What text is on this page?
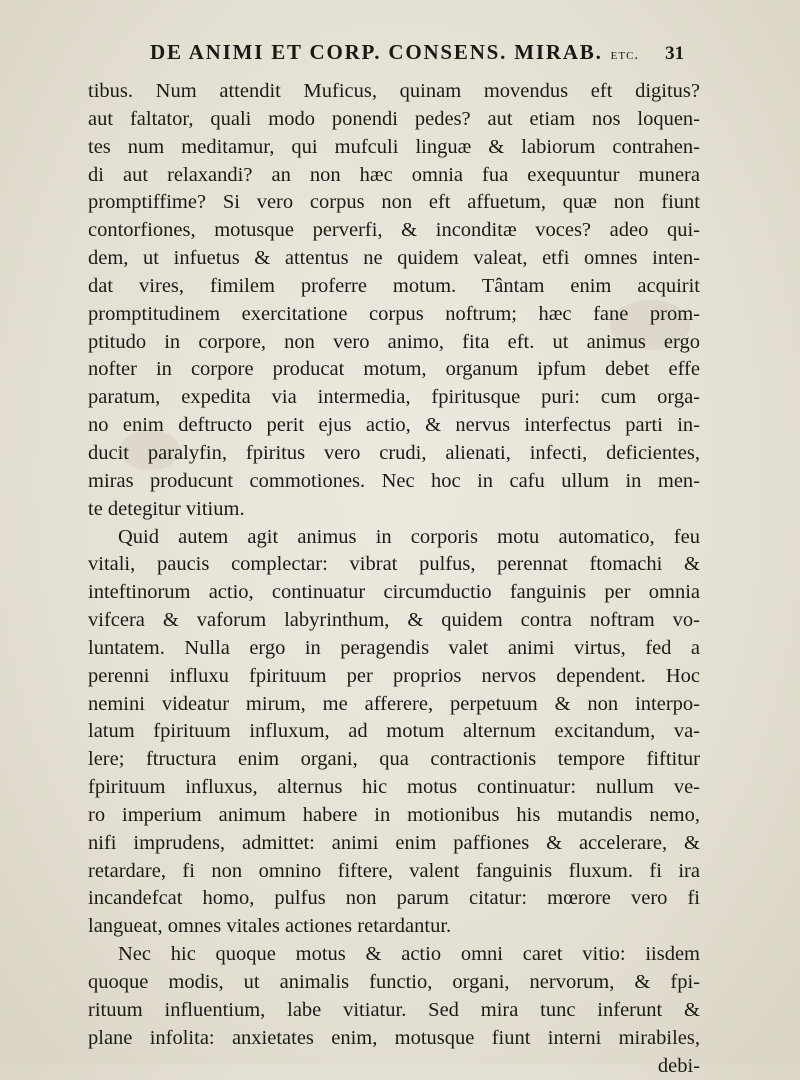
DE ANIMI ET CORP. CONSENS. MIRAB. etc. 31
tibus. Num attendit Muficus, quinam movendus eft digitus?
aut faltator, quali modo ponendi pedes? aut etiam nos loquen-
tes num meditamur, qui mufculi linguæ & labiorum contrahen-
di aut relaxandi? an non hæc omnia fua exequuntur munera
promptiffime? Si vero corpus non eft affuetum, quæ non fiunt
contorfiones, motusque perverfi, & inconditæ voces? adeo qui-
dem, ut infuetus & attentus ne quidem valeat, etfi omnes inten-
dat vires, fimilem proferre motum. Tântam enim acquirit
promptitudinem exercitatione corpus noftrum; hæc fane prom-
ptitudo in corpore, non vero animo, fita eft. ut animus ergo
nofter in corpore producat motum, organum ipfum debet effe
paratum, expedita via intermedia, fpiritusque puri: cum orga-
no enim deftructo perit ejus actio, & nervus interfectus parti in-
ducit paralyfin, fpiritus vero crudi, alienati, infecti, deficientes,
miras producunt commotiones. Nec hoc in cafu ullum in men-
te detegitur vitium.
Quid autem agit animus in corporis motu automatico, feu
vitali, paucis complectar: vibrat pulfus, perennat ftomachi &
inteftinorum actio, continuatur circumductio fanguinis per omnia
vifcera & vaforum labyrinthum, & quidem contra noftram vo-
luntatem. Nulla ergo in peragendis valet animi virtus, fed a
perenni influxu fpirituum per proprios nervos dependent. Hoc
nemini videatur mirum, me afferere, perpetuum & non interpo-
latum fpirituum influxum, ad motum alternum excitandum, va-
lere; ftructura enim organi, qua contractionis tempore fiftitur
fpirituum influxus, alternus hic motus continuatur: nullum ve-
ro imperium animum habere in motionibus his mutandis nemo,
nifi imprudens, admittet: animi enim paffiones & accelerare, &
retardare, fi non omnino fiftere, valent fanguinis fluxum. fi ira
incandefcat homo, pulfus non parum citatur: mœrore vero fi
langueat, omnes vitales actiones retardantur.
Nec hic quoque motus & actio omni caret vitio: iisdem
quoque modis, ut animalis functio, organi, nervorum, & fpi-
rituum influentium, labe vitiatur. Sed mira tunc inferunt &
plane infolita: anxietates enim, motusque fiunt interni mirabiles,
debi-
